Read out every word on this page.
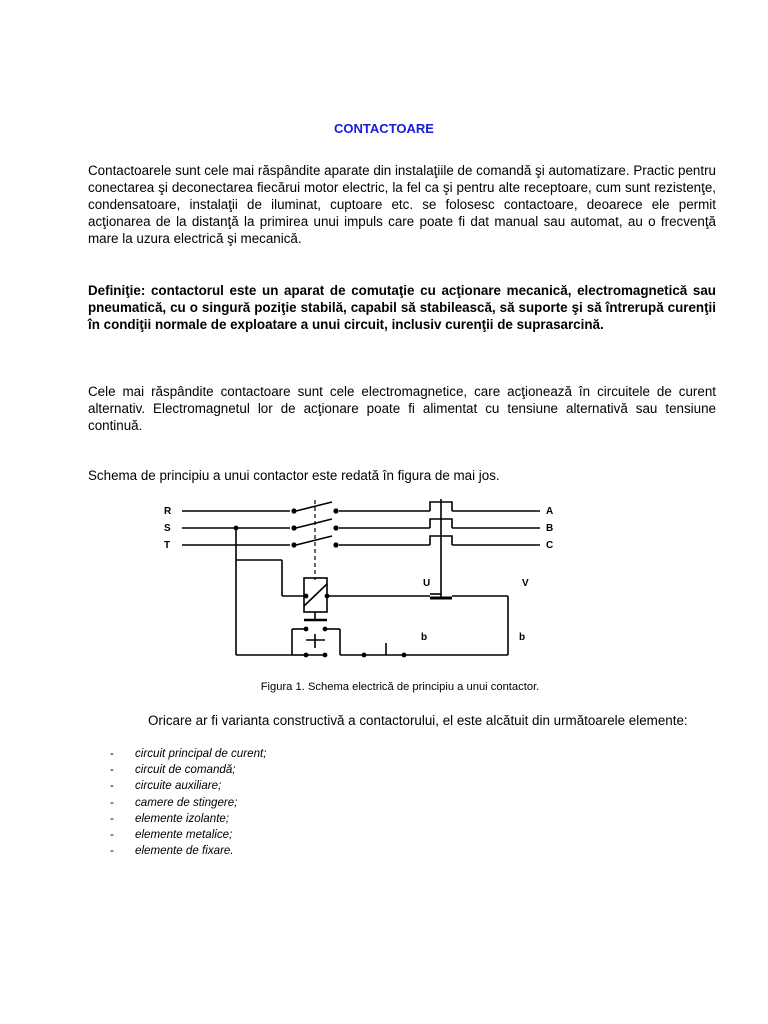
CONTACTOARE
Contactoarele sunt cele mai răspândite aparate din instalaţiile de comandă şi automatizare. Practic pentru conectarea şi deconectarea fiecărui motor electric, la fel ca şi pentru alte receptoare, cum sunt rezistenţe, condensatoare, instalaţii de iluminat, cuptoare etc. se folosesc contactoare, deoarece ele permit acţionarea de la distanţă la primirea unui impuls care poate fi dat manual sau automat, au o frecvenţă mare la uzura electrică şi mecanică.
Definiţie: contactorul este un aparat de comutaţie cu acţionare mecanică, electromagnetică sau pneumatică, cu o singură poziţie stabilă, capabil să stabilească, să suporte şi să întrerupă curenţii în condiţii normale de exploatare a unui circuit, inclusiv curenţii de suprasarcină.
Cele mai răspândite contactoare sunt cele electromagnetice, care acţionează în circuitele de curent alternativ. Electromagnetul lor de acţionare poate fi alimentat cu tensiune alternativă sau tensiune continuă.
Schema de principiu a unui contactor este redată în figura de mai jos.
R
S
T
A
B
C
U	V
b	b
Figura 1. Schema electrică de principiu a unui contactor.
Oricare ar fi varianta constructivă a contactorului, el este alcătuit din următoarele elemente:
- circuit principal de curent;
- circuit de comandă;
- circuite auxiliare;
- camere de stingere;
- elemente izolante;
- elemente metalice;
- elemente de fixare.
